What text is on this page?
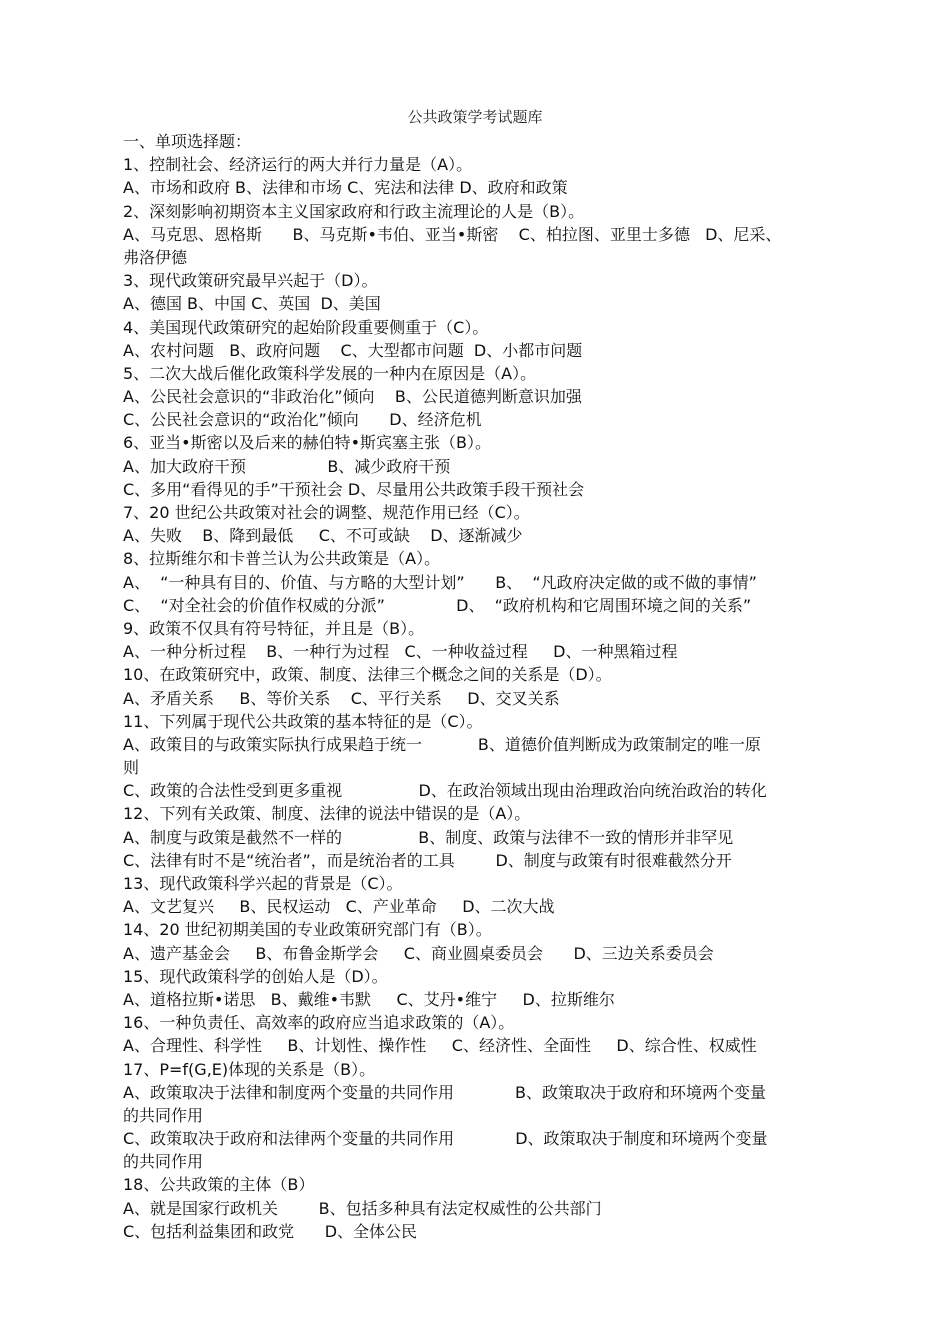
公共政策学考试题库
一、单项选择题：
1、控制社会、经济运行的两大并行力量是（A）。
A、市场和政府 B、法律和市场 C、宪法和法律 D、政府和政策
2、深刻影响初期资本主义国家政府和行政主流理论的人是（B）。
A、马克思、恩格斯      B、马克斯•韦伯、亚当•斯密    C、柏拉图、亚里士多德   D、尼采、
弗洛伊德
3、现代政策研究最早兴起于（D）。
A、德国 B、中国 C、英国  D、美国
4、美国现代政策研究的起始阶段重要侧重于（C）。
A、农村问题   B、政府问题    C、大型都市问题  D、小都市问题
5、二次大战后催化政策科学发展的一种内在原因是（A）。
A、公民社会意识的“非政治化”倾向    B、公民道德判断意识加强
C、公民社会意识的“政治化”倾向      D、经济危机
6、亚当•斯密以及后来的赫伯特•斯宾塞主张（B）。
A、加大政府干预                B、减少政府干预
C、多用“看得见的手”干预社会 D、尽量用公共政策手段干预社会
7、20 世纪公共政策对社会的调整、规范作用已经（C）。
A、失败    B、降到最低     C、不可或缺    D、逐渐减少
8、拉斯维尔和卡普兰认为公共政策是（A）。
A、  “一种具有目的、价值、与方略的大型计划”      B、  “凡政府决定做的或不做的事情”
C、  “对全社会的价值作权威的分派”              D、  “政府机构和它周围环境之间的关系”
9、政策不仅具有符号特征，并且是（B）。
A、一种分析过程    B、一种行为过程   C、一种收益过程     D、一种黑箱过程
10、在政策研究中，政策、制度、法律三个概念之间的关系是（D）。
A、矛盾关系     B、等价关系    C、平行关系     D、交叉关系
11、下列属于现代公共政策的基本特征的是（C）。
A、政策目的与政策实际执行成果趋于统一           B、道德价值判断成为政策制定的唯一原
则
C、政策的合法性受到更多重视               D、在政治领域出现由治理政治向统治政治的转化
12、下列有关政策、制度、法律的说法中错误的是（A）。
A、制度与政策是截然不一样的               B、制度、政策与法律不一致的情形并非罕见
C、法律有时不是“统治者”，而是统治者的工具        D、制度与政策有时很难截然分开
13、现代政策科学兴起的背景是（C）。
A、文艺复兴     B、民权运动   C、产业革命     D、二次大战
14、20 世纪初期美国的专业政策研究部门有（B）。
A、遗产基金会     B、布鲁金斯学会     C、商业圆桌委员会      D、三边关系委员会
15、现代政策科学的创始人是（D）。
A、道格拉斯•诺思   B、戴维•韦默     C、艾丹•维宁     D、拉斯维尔
16、一种负责任、高效率的政府应当追求政策的（A）。
A、合理性、科学性     B、计划性、操作性     C、经济性、全面性     D、综合性、权威性
17、P=f(G,E)体现的关系是（B）。
A、政策取决于法律和制度两个变量的共同作用            B、政策取决于政府和环境两个变量
的共同作用
C、政策取决于政府和法律两个变量的共同作用            D、政策取决于制度和环境两个变量
的共同作用
18、公共政策的主体（B）
A、就是国家行政机关        B、包括多种具有法定权威性的公共部门
C、包括利益集团和政党      D、全体公民
